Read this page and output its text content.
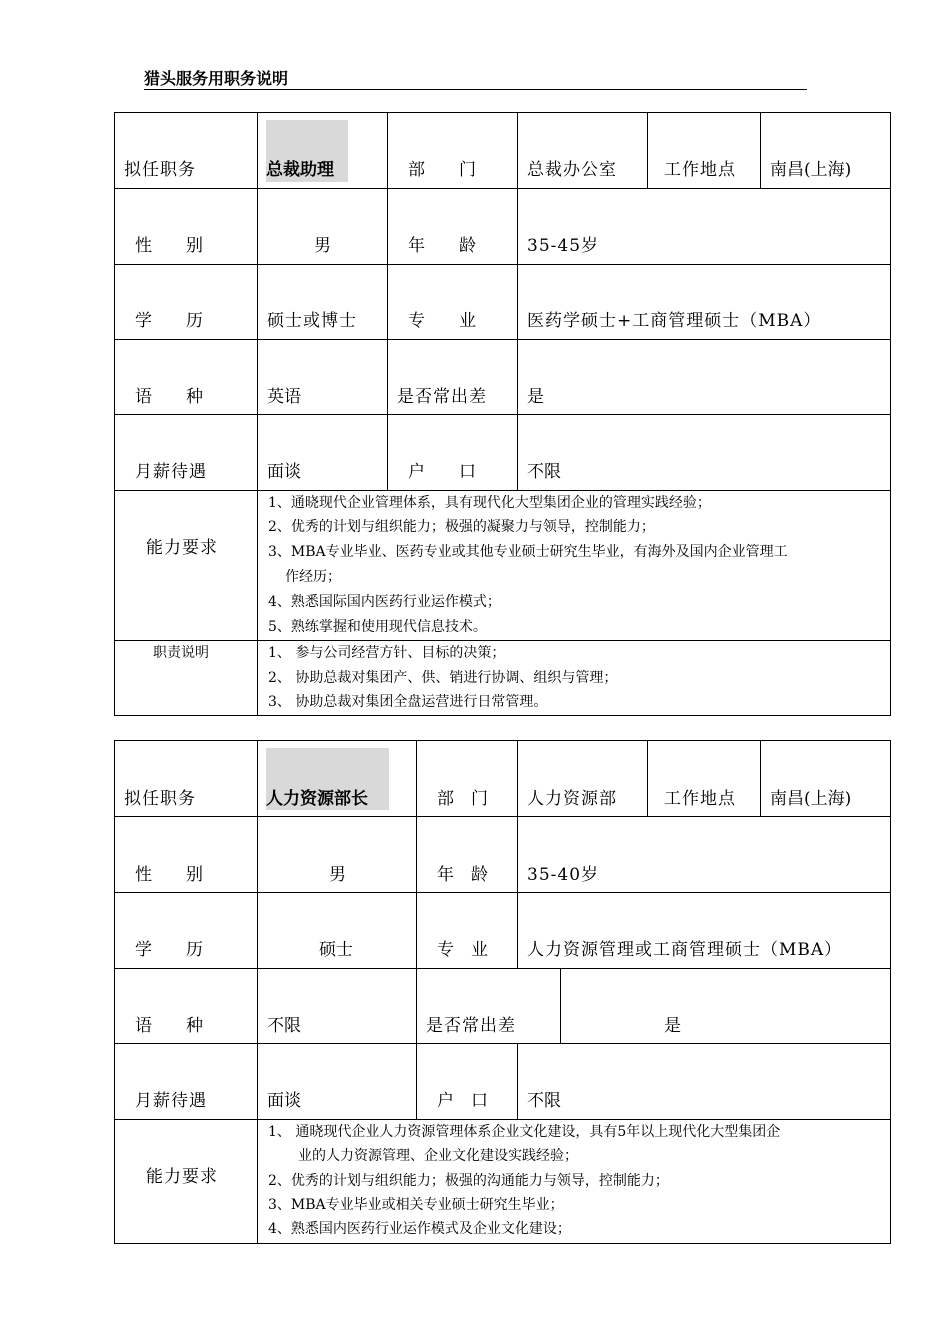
猎头服务用职务说明
拟任职务	总裁助理	部　　门	总裁办公室	工作地点 南昌(上海)
性　　别	男	年　　龄	35-45岁
学　　历	硕士或博士	专　　业	医药学硕士+工商管理硕士（MBA）
语　　种	英语	是否常出差 是
月薪待遇	面谈	户　　口	不限
能力要求
1、通晓现代企业管理体系，具有现代化大型集团企业的管理实践经验；
2、优秀的计划与组织能力；极强的凝聚力与领导，控制能力；
3、MBA专业毕业、医药专业或其他专业硕士研究生毕业，有海外及国内企业管理工
作经历；
4、熟悉国际国内医药行业运作模式；
5、熟练掌握和使用现代信息技术。
职责说明	1、 参与公司经营方针、目标的决策；
2、 协助总裁对集团产、供、销进行协调、组织与管理；
3、 协助总裁对集团全盘运营进行日常管理。
拟任职务	人力资源部长	部　门 人力资源部	工作地点 南昌(上海)
性　　别	男	年　龄 35-40岁
学　　历	硕士	专　业 人力资源管理或工商管理硕士（MBA）
语　　种	不限	是否常出差	是
月薪待遇	面谈	户　口 不限
能力要求
1、 通晓现代企业人力资源管理体系企业文化建设，具有5年以上现代化大型集团企
业的人力资源管理、企业文化建设实践经验；
2、优秀的计划与组织能力；极强的沟通能力与领导，控制能力；
3、MBA专业毕业或相关专业硕士研究生毕业；
4、熟悉国内医药行业运作模式及企业文化建设；
